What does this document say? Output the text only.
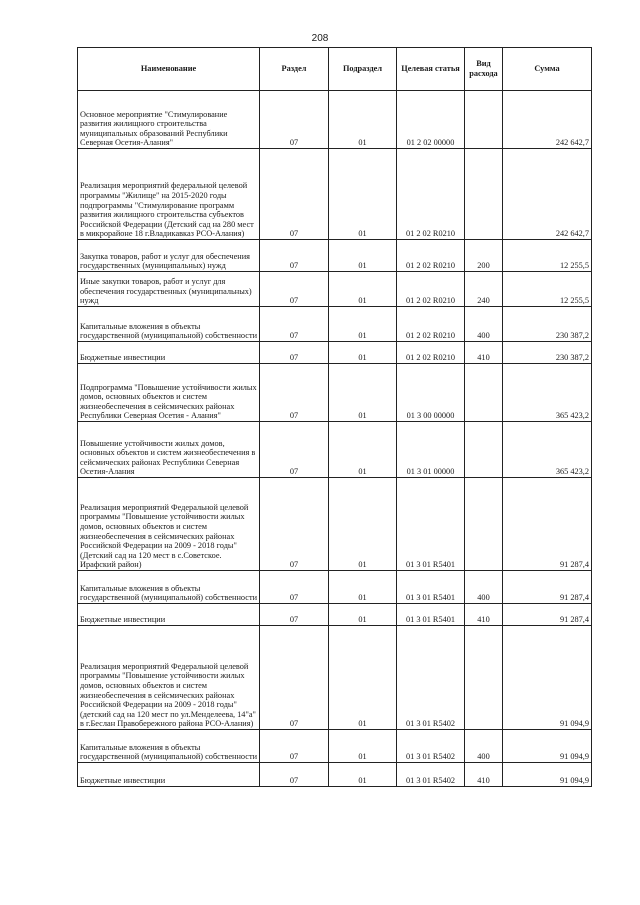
208
Наименование	Раздел	Подраздел	Целевая статья	Вид расхода	Сумма
Основное мероприятие "Стимулирование развития жилищного строительства муниципальных образований Республики Северная Осетия-Алания"	07	01	01 2 02 00000		242 642,7
Реализация мероприятий федеральной целевой программы "Жилище" на 2015-2020 годы подпрограммы "Стимулирование программ развития жилищного строительства субъектов Российской Федерации (Детский сад на 280 мест в микрорайоне 18 г.Владикавказ РСО-Алания)	07	01	01 2 02 R0210		242 642,7
Закупка товаров, работ и услуг для обеспечения государственных (муниципальных) нужд	07	01	01 2 02 R0210	200	12 255,5
Иные закупки товаров, работ и услуг для обеспечения государственных (муниципальных) нужд	07	01	01 2 02 R0210	240	12 255,5
Капитальные вложения в объекты государственной (муниципальной) собственности	07	01	01 2 02 R0210	400	230 387,2
Бюджетные инвестиции	07	01	01 2 02 R0210	410	230 387,2
Подпрограмма "Повышение устойчивости жилых домов, основных объектов и систем жизнеобеспечения в сейсмических районах Республики Северная Осетия - Алания"	07	01	01 3 00 00000		365 423,2
Повышение устойчивости жилых домов, основных объектов и систем жизнеобеспечения в сейсмических районах Республики Северная Осетия-Алания	07	01	01 3 01 00000		365 423,2
Реализация мероприятий Федеральной целевой программы "Повышение устойчивости жилых домов, основных объектов и систем жизнеобеспечения в сейсмических районах Российской Федерации на 2009 - 2018 годы" (Детский сад на 120 мест в с.Советское. Ирафский район)	07	01	01 3 01 R5401		91 287,4
Капитальные вложения в объекты государственной (муниципальной) собственности	07	01	01 3 01 R5401	400	91 287,4
Бюджетные инвестиции	07	01	01 3 01 R5401	410	91 287,4
Реализация мероприятий Федеральной целевой программы "Повышение устойчивости жилых домов, основных объектов и систем жизнеобеспечения в сейсмических районах Российской Федерации на 2009 - 2018 годы" (детский сад на 120 мест по ул.Менделеева, 14"а" в г.Беслан Правобережного района РСО-Алания)	07	01	01 3 01 R5402		91 094,9
Капитальные вложения в объекты государственной (муниципальной) собственности	07	01	01 3 01 R5402	400	91 094,9
Бюджетные инвестиции	07	01	01 3 01 R5402	410	91 094,9
